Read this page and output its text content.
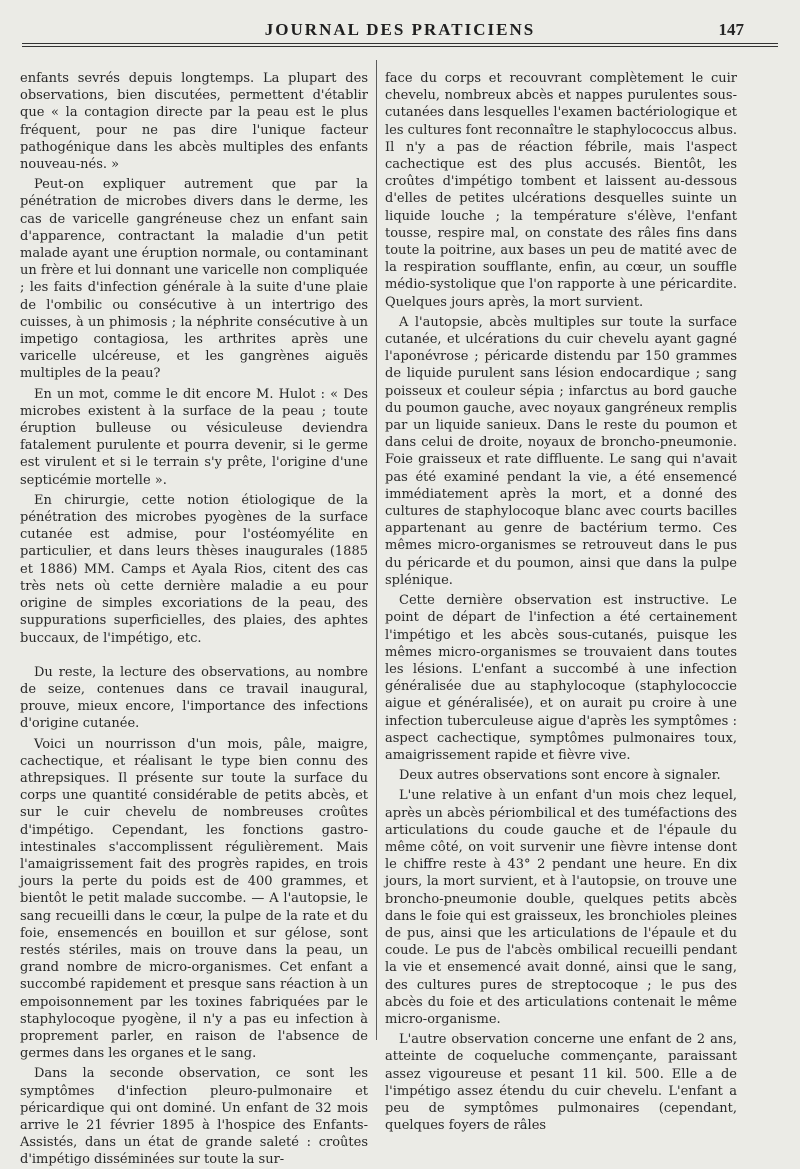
JOURNAL DES PRATICIENS	147

enfants sevrés depuis longtemps. La plupart des observations, bien discutées, permettent d'établir que « la contagion directe par la peau est le plus fréquent, pour ne pas dire l'unique facteur pathogénique dans les abcès multiples des enfants nouveau-nés. »

Peut-on expliquer autrement que par la pénétration de microbes divers dans le derme, les cas de varicelle gangréneuse chez un enfant sain d'apparence, contractant la maladie d'un petit malade ayant une éruption normale, ou contaminant un frère et lui donnant une varicelle non compliquée ; les faits d'infection générale à la suite d'une plaie de l'ombilic ou consécutive à un intertrigo des cuisses, à un phimosis ; la néphrite consécutive à un impetigo contagiosa, les arthrites après une varicelle ulcéreuse, et les gangrènes aiguës multiples de la peau?

En un mot, comme le dit encore M. Hulot : « Des microbes existent à la surface de la peau ; toute éruption bulleuse ou vésiculeuse deviendra fatalement purulente et pourra devenir, si le germe est virulent et si le terrain s'y prête, l'origine d'une septicémie mortelle ».

En chirurgie, cette notion étiologique de la pénétration des microbes pyogènes de la surface cutanée est admise, pour l'ostéomyélite en particulier, et dans leurs thèses inaugurales (1885 et 1886) MM. Camps et Ayala Rios, citent des cas très nets où cette dernière maladie a eu pour origine de simples excoriations de la peau, des suppurations superficielles, des plaies, des aphtes buccaux, de l'impétigo, etc.

Du reste, la lecture des observations, au nombre de seize, contenues dans ce travail inaugural, prouve, mieux encore, l'importance des infections d'origine cutanée.

Voici un nourrisson d'un mois, pâle, maigre, cachectique, et réalisant le type bien connu des athrepsiques. Il présente sur toute la surface du corps une quantité considérable de petits abcès, et sur le cuir chevelu de nombreuses croûtes d'impétigo. Cependant, les fonctions gastro-intestinales s'accomplissent régulièrement. Mais l'amaigrissement fait des progrès rapides, en trois jours la perte du poids est de 400 grammes, et bientôt le petit malade succombe. — A l'autopsie, le sang recueilli dans le cœur, la pulpe de la rate et du foie, ensemencés en bouillon et sur gélose, sont restés stériles, mais on trouve dans la peau, un grand nombre de micro-organismes. Cet enfant a succombé rapidement et presque sans réaction à un empoisonnement par les toxines fabriquées par le staphylocoque pyogène, il n'y a pas eu infection à proprement parler, en raison de l'absence de germes dans les organes et le sang.

Dans la seconde observation, ce sont les symptômes d'infection pleuro-pulmonaire et péricardique qui ont dominé. Un enfant de 32 mois arrive le 21 février 1895 à l'hospice des Enfants-Assistés, dans un état de grande saleté : croûtes d'impétigo disséminées sur toute la sur-

face du corps et recouvrant complètement le cuir chevelu, nombreux abcès et nappes purulentes sous-cutanées dans lesquelles l'examen bactériologique et les cultures font reconnaître le staphylococcus albus. Il n'y a pas de réaction fébrile, mais l'aspect cachectique est des plus accusés. Bientôt, les croûtes d'impétigo tombent et laissent au-dessous d'elles de petites ulcérations desquelles suinte un liquide louche ; la température s'élève, l'enfant tousse, respire mal, on constate des râles fins dans toute la poitrine, aux bases un peu de matité avec de la respiration soufflante, enfin, au cœur, un souffle médio-systolique que l'on rapporte à une péricardite. Quelques jours après, la mort survient.

A l'autopsie, abcès multiples sur toute la surface cutanée, et ulcérations du cuir chevelu ayant gagné l'aponévrose ; péricarde distendu par 150 grammes de liquide purulent sans lésion endocardique ; sang poisseux et couleur sépia ; infarctus au bord gauche du poumon gauche, avec noyaux gangréneux remplis par un liquide sanieux. Dans le reste du poumon et dans celui de droite, noyaux de broncho-pneumonie. Foie graisseux et rate diffluente. Le sang qui n'avait pas été examiné pendant la vie, a été ensemencé immédiatement après la mort, et a donné des cultures de staphylocoque blanc avec courts bacilles appartenant au genre de bactérium termo. Ces mêmes micro-organismes se retrouveut dans le pus du péricarde et du poumon, ainsi que dans la pulpe splénique.

Cette dernière observation est instructive. Le point de départ de l'infection a été certainement l'impétigo et les abcès sous-cutanés, puisque les mêmes micro-organismes se trouvaient dans toutes les lésions. L'enfant a succombé à une infection généralisée due au staphylocoque (staphylococcie aigue et généralisée), et on aurait pu croire à une infection tuberculeuse aigue d'après les symptômes : aspect cachectique, symptômes pulmonaires toux, amaigrissement rapide et fièvre vive.

Deux autres observations sont encore à signaler.

L'une relative à un enfant d'un mois chez lequel, après un abcès périombilical et des tuméfactions des articulations du coude gauche et de l'épaule du même côté, on voit survenir une fièvre intense dont le chiffre reste à 43° 2 pendant une heure. En dix jours, la mort survient, et à l'autopsie, on trouve une broncho-pneumonie double, quelques petits abcès dans le foie qui est graisseux, les bronchioles pleines de pus, ainsi que les articulations de l'épaule et du coude. Le pus de l'abcès ombilical recueilli pendant la vie et ensemencé avait donné, ainsi que le sang, des cultures pures de streptocoque ; le pus des abcès du foie et des articulations contenait le même micro-organisme.

L'autre observation concerne une enfant de 2 ans, atteinte de coqueluche commençante, paraissant assez vigoureuse et pesant 11 kil. 500. Elle a de l'impétigo assez étendu du cuir chevelu. L'enfant a peu de symptômes pulmonaires (cependant, quelques foyers de râles
